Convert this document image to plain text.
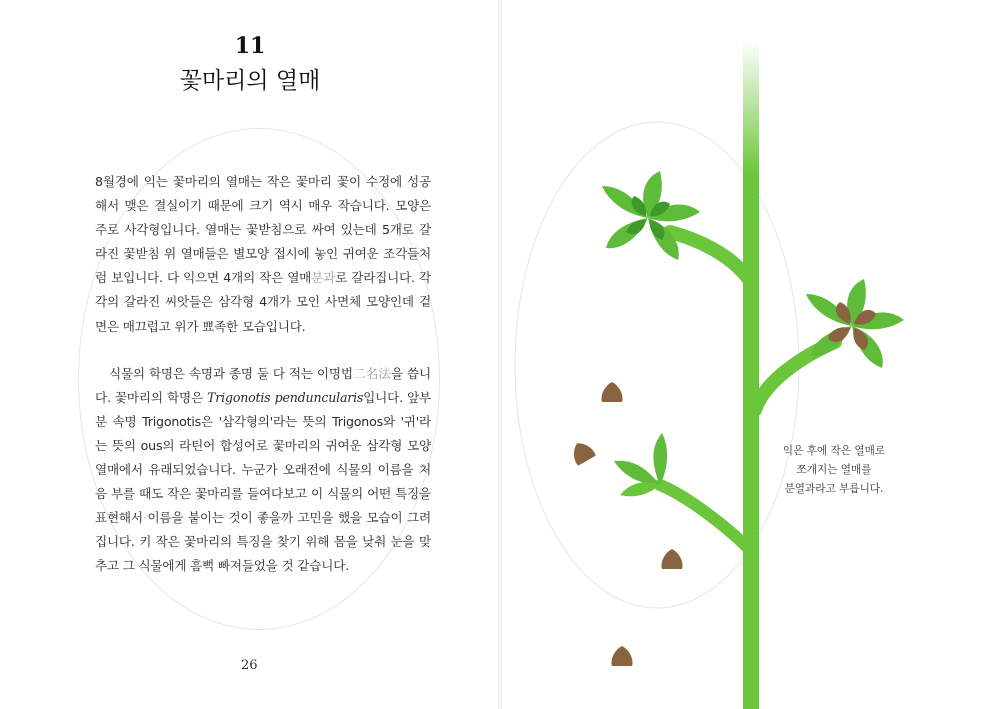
11
꽃마리의 열매

8월경에 익는 꽃마리의 열매는 작은 꽃마리 꽃이 수정에 성공해서 맺은 결실이기 때문에 크기 역시 매우 작습니다. 모양은 주로 사각형입니다. 열매는 꽃받침으로 싸여 있는데 5개로 갈라진 꽃받침 위 열매들은 별모양 접시에 놓인 귀여운 조각들처럼 보입니다. 다 익으면 4개의 작은 열매분과로 갈라집니다. 각각의 갈라진 씨앗들은 삼각형 4개가 모인 사면체 모양인데 겉면은 매끄럽고 위가 뾰족한 모습입니다.

식물의 학명은 속명과 종명 둘 다 적는 이명법二名法을 씁니다. 꽃마리의 학명은 Trigonotis penduncularis입니다. 앞부분 속명 Trigonotis은 '삼각형의'라는 뜻의 Trigonos와 '귀'라는 뜻의 ous의 라틴어 합성어로 꽃마리의 귀여운 삼각형 모양 열매에서 유래되었습니다. 누군가 오래전에 식물의 이름을 처음 부를 때도 작은 꽃마리를 들여다보고 이 식물의 어떤 특징을 표현해서 이름을 붙이는 것이 좋을까 고민을 했을 모습이 그려집니다. 키 작은 꽃마리의 특징을 찾기 위해 몸을 낮춰 눈을 맞추고 그 식물에게 흠뻑 빠져들었을 것 같습니다.

26
익은 후에 작은 열매로
쪼개지는 열매를
분열과라고 부릅니다.
